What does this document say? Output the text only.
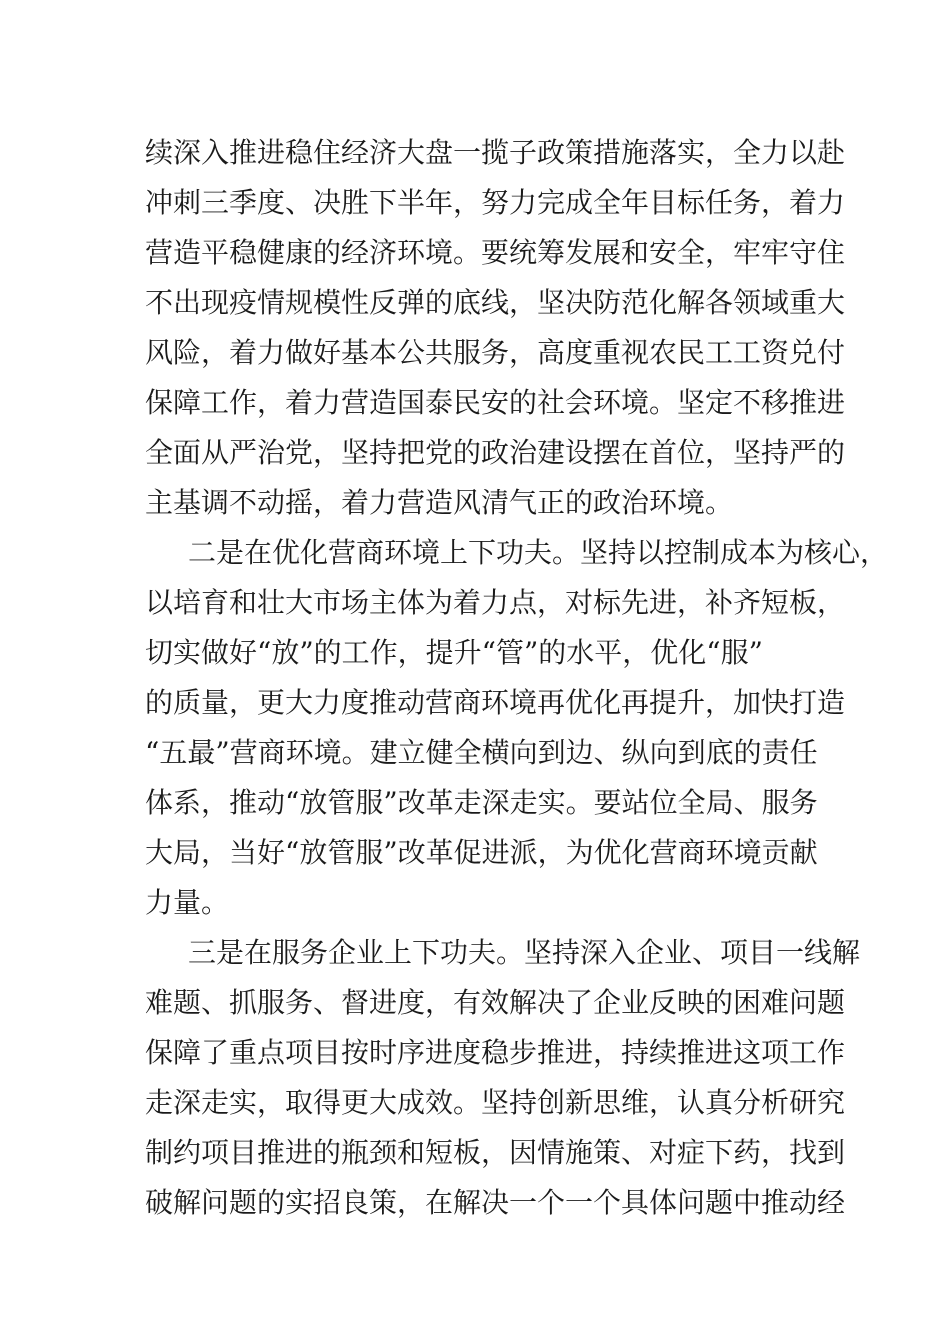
续深入推进稳住经济大盘一揽子政策措施落实，全力以赴
冲刺三季度、决胜下半年，努力完成全年目标任务，着力
营造平稳健康的经济环境。要统筹发展和安全，牢牢守住
不出现疫情规模性反弹的底线，坚决防范化解各领域重大
风险，着力做好基本公共服务，高度重视农民工工资兑付
保障工作，着力营造国泰民安的社会环境。坚定不移推进
全面从严治党，坚持把党的政治建设摆在首位，坚持严的
主基调不动摇，着力营造风清气正的政治环境。
二是在优化营商环境上下功夫。坚持以控制成本为核心，
以培育和壮大市场主体为着力点，对标先进，补齐短板，
切实做好“放”的工作，提升“管”的水平，优化“服”
的质量，更大力度推动营商环境再优化再提升，加快打造
“五最”营商环境。建立健全横向到边、纵向到底的责任
体系，推动“放管服”改革走深走实。要站位全局、服务
大局，当好“放管服”改革促进派，为优化营商环境贡献
力量。
三是在服务企业上下功夫。坚持深入企业、项目一线解
难题、抓服务、督进度，有效解决了企业反映的困难问题
保障了重点项目按时序进度稳步推进，持续推进这项工作
走深走实，取得更大成效。坚持创新思维，认真分析研究
制约项目推进的瓶颈和短板，因情施策、对症下药，找到
破解问题的实招良策，在解决一个一个具体问题中推动经
